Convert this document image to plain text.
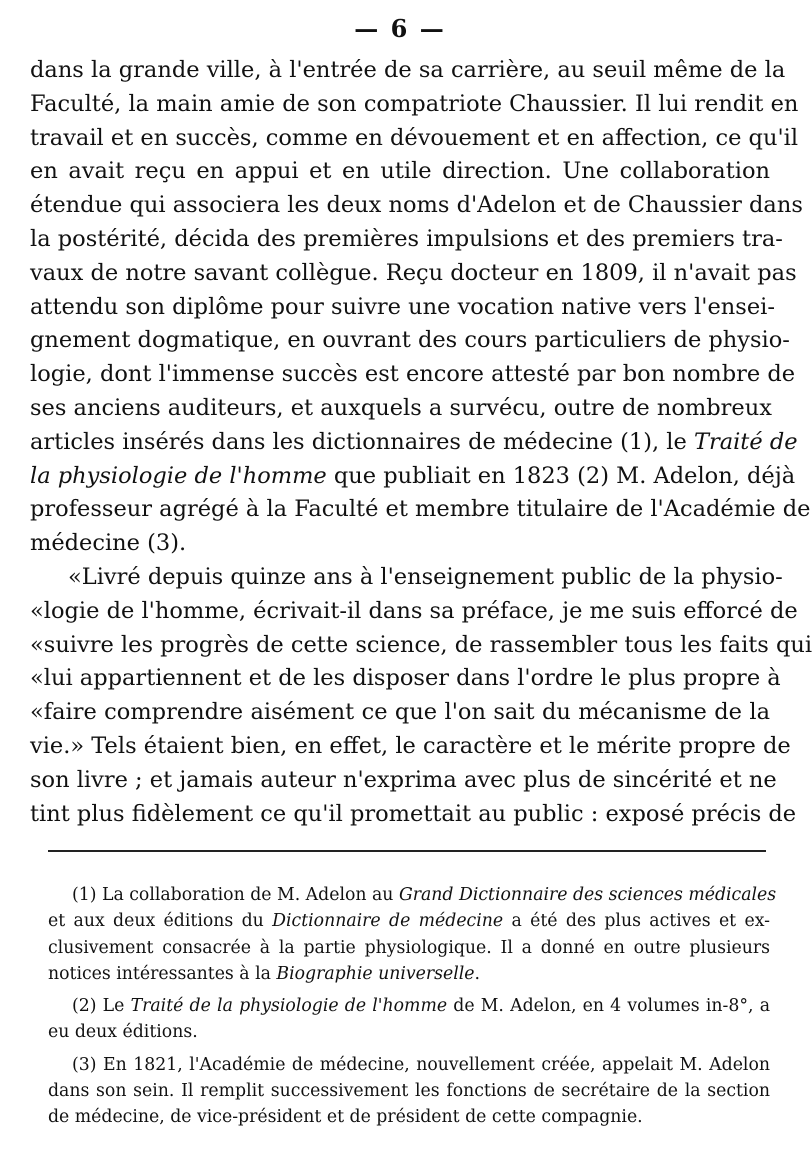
— 6 —
dans la grande ville, à l'entrée de sa carrière, au seuil même de la
Faculté, la main amie de son compatriote Chaussier. Il lui rendit en
travail et en succès, comme en dévouement et en affection, ce qu'il
en avait reçu en appui et en utile direction. Une collaboration
étendue qui associera les deux noms d'Adelon et de Chaussier dans
la postérité, décida des premières impulsions et des premiers tra-
vaux de notre savant collègue. Reçu docteur en 1809, il n'avait pas
attendu son diplôme pour suivre une vocation native vers l'ensei-
gnement dogmatique, en ouvrant des cours particuliers de physio-
logie, dont l'immense succès est encore attesté par bon nombre de
ses anciens auditeurs, et auxquels a survécu, outre de nombreux
articles insérés dans les dictionnaires de médecine (1), le Traité de
la physiologie de l'homme que publiait en 1823 (2) M. Adelon, déjà
professeur agrégé à la Faculté et membre titulaire de l'Académie de
médecine (3).
«Livré depuis quinze ans à l'enseignement public de la physio-
«logie de l'homme, écrivait-il dans sa préface, je me suis efforcé de
«suivre les progrès de cette science, de rassembler tous les faits qui
«lui appartiennent et de les disposer dans l'ordre le plus propre à
«faire comprendre aisément ce que l'on sait du mécanisme de la
vie.» Tels étaient bien, en effet, le caractère et le mérite propre de
son livre ; et jamais auteur n'exprima avec plus de sincérité et ne
tint plus fidèlement ce qu'il promettait au public : exposé précis de
(1) La collaboration de M. Adelon au Grand Dictionnaire des sciences médicales
et aux deux éditions du Dictionnaire de médecine a été des plus actives et ex-
clusivement consacrée à la partie physiologique. Il a donné en outre plusieurs
notices intéressantes à la Biographie universelle.
(2) Le Traité de la physiologie de l'homme de M. Adelon, en 4 volumes in-8°, a
eu deux éditions.
(3) En 1821, l'Académie de médecine, nouvellement créée, appelait M. Adelon
dans son sein. Il remplit successivement les fonctions de secrétaire de la section
de médecine, de vice-président et de président de cette compagnie.
